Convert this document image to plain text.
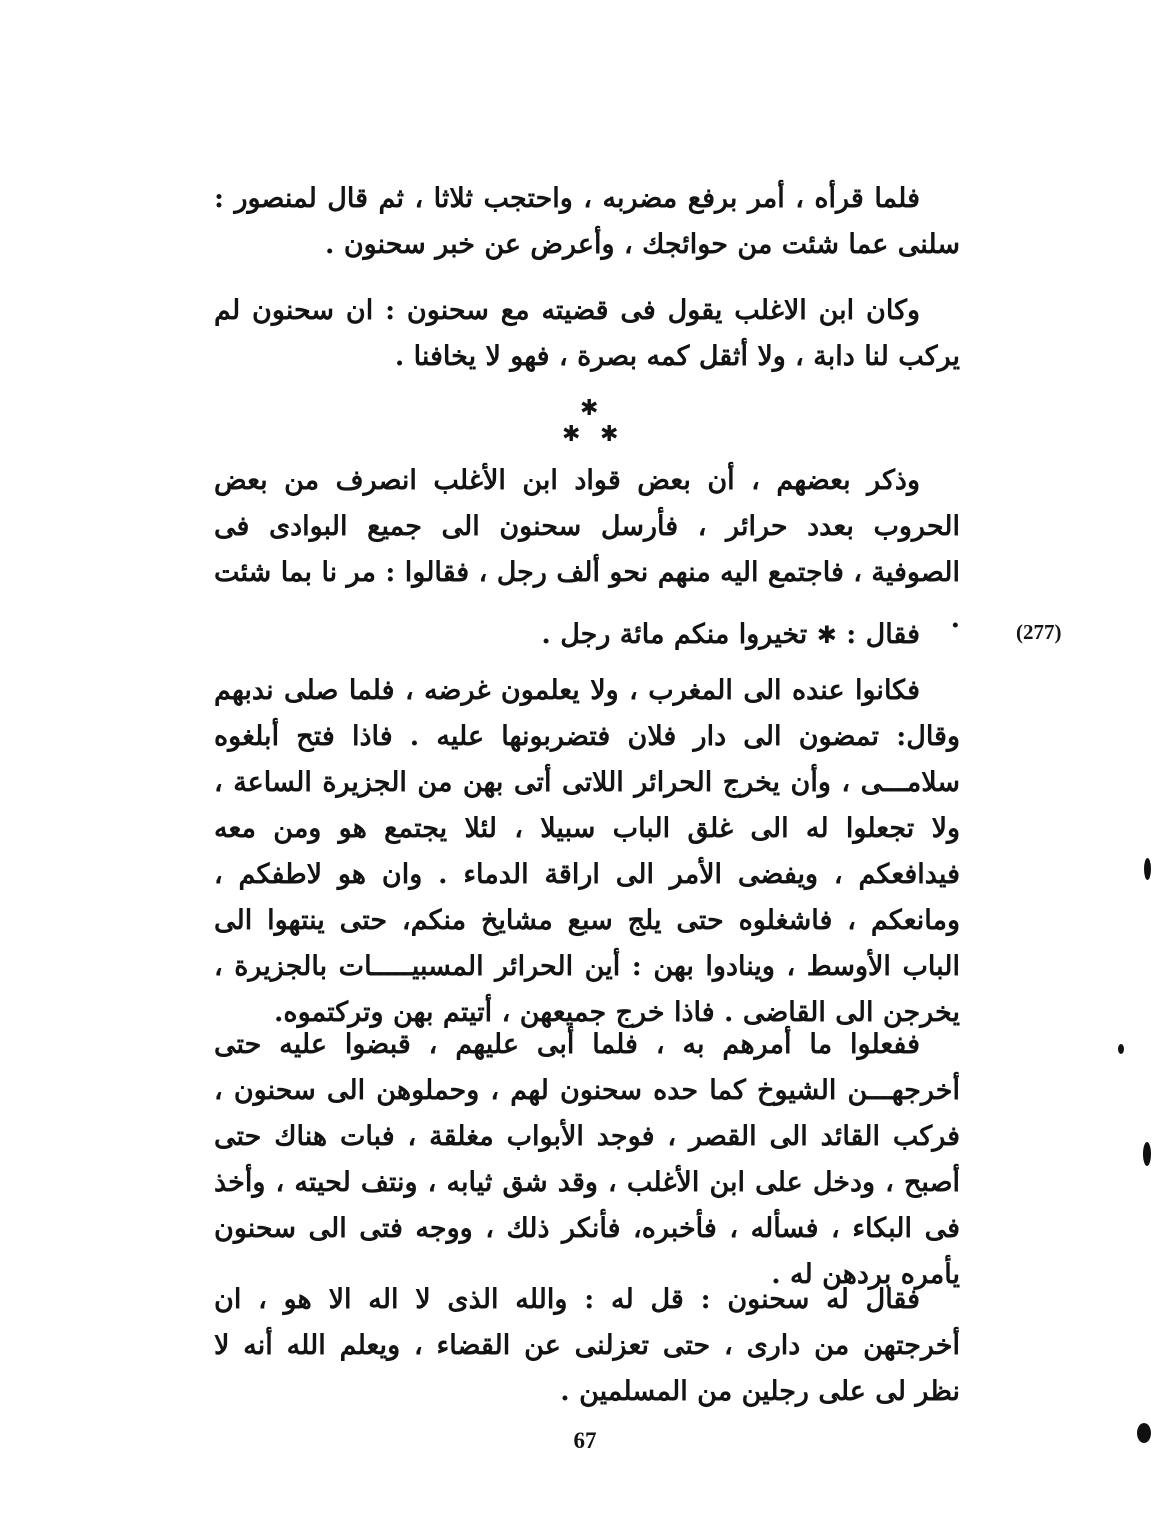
فلما قرأه ، أمر برفع مضربه ، واحتجب ثلاثا ، ثم قال لمنصور : سلنى عما شئت من حوائجك ، وأعرض عن خبر سحنون .

وكان ابن الاغلب يقول فى قضيته مع سحنون : ان سحنون لم يركب لنا دابة ، ولا أثقل كمه بصرة ، فهو لا يخافنا .

وذكر بعضهم ، أن بعض قواد ابن الأغلب انصرف من بعض الحروب بعدد حرائر ، فأرسل سحنون الى جميع البوادى فى الصوفية ، فاجتمع اليه منهم نحو ألف رجل ، فقالوا : مر نا بما شئت .

فقال : ✱ تخيروا منكم مائة رجل .

فكانوا عنده الى المغرب ، ولا يعلمون غرضه ، فلما صلى ندبهم وقال: تمضون الى دار فلان فتضربونها عليه . فاذا فتح أبلغوه سلامـــى ، وأن يخرج الحرائر اللاتى أتى بهن من الجزيرة الساعة ، ولا تجعلوا له الى غلق الباب سبيلا ، لئلا يجتمع هو ومن معه فيدافعكم ، ويفضى الأمر الى اراقة الدماء . وان هو لاطفكم ، ومانعكم ، فاشغلوه حتى يلج سبع مشايخ منكم، حتى ينتهوا الى الباب الأوسط ، وينادوا بهن : أين الحرائر المسبيـــــات بالجزيرة ، يخرجن الى القاضى . فاذا خرج جميعهن ، أتيتم بهن وتركتموه.

ففعلوا ما أمرهم به ، فلما أبى عليهم ، قبضوا عليه حتى أخرجهـــن الشيوخ كما حده سحنون لهم ، وحملوهن الى سحنون ، فركب القائد الى القصر ، فوجد الأبواب مغلقة ، فبات هناك حتى أصبح ، ودخل على ابن الأغلب ، وقد شق ثيابه ، ونتف لحيته ، وأخذ فى البكاء ، فسأله ، فأخبره، فأنكر ذلك ، ووجه فتى الى سحنون يأمره بردهن له .

فقال له سحنون : قل له : والله الذى لا اله الا هو ، ان أخرجتهن من دارى ، حتى تعزلنى عن القضاء ، ويعلم الله أنه لا نظر لى على رجلين من المسلمين .

✱
✱ ✱
(277)
67
